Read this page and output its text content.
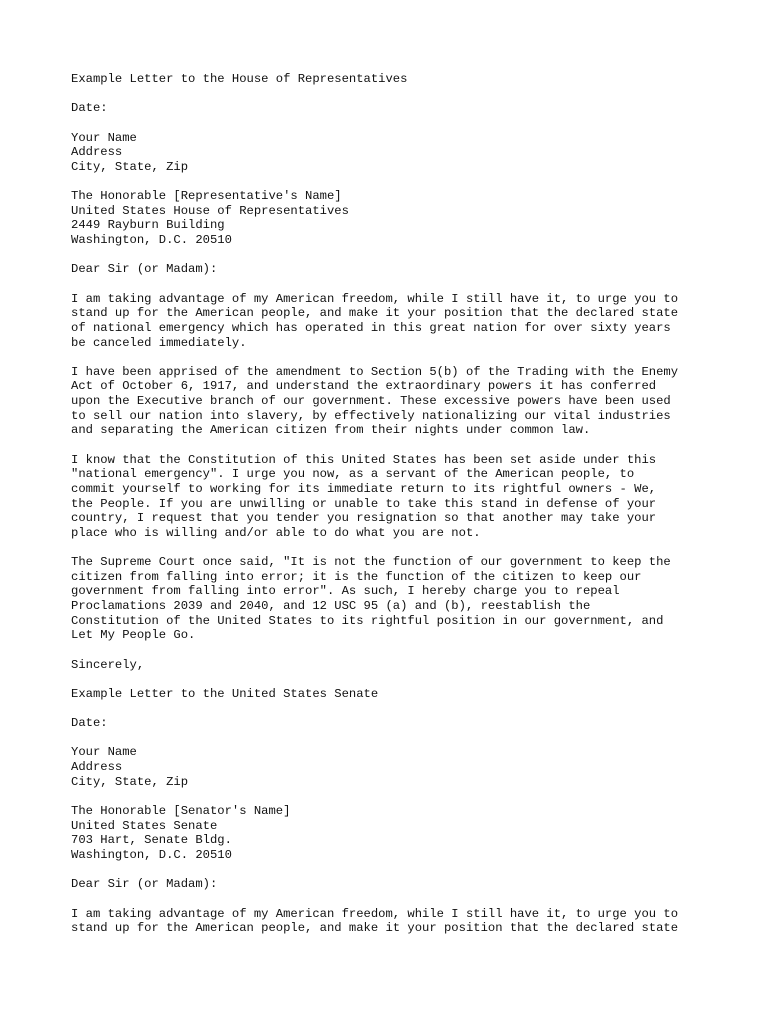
Example Letter to the House of Representatives
Date:
Your Name
Address
City, State, Zip
The Honorable [Representative's Name]
United States House of Representatives
2449 Rayburn Building
Washington, D.C. 20510
Dear Sir (or Madam):
I am taking advantage of my American freedom, while I still have it, to urge you to
stand up for the American people, and make it your position that the declared state
of national emergency which has operated in this great nation for over sixty years
be canceled immediately.
I have been apprised of the amendment to Section 5(b) of the Trading with the Enemy
Act of October 6, 1917, and understand the extraordinary powers it has conferred
upon the Executive branch of our government. These excessive powers have been used
to sell our nation into slavery, by effectively nationalizing our vital industries
and separating the American citizen from their nights under common law.
I know that the Constitution of this United States has been set aside under this
"national emergency". I urge you now, as a servant of the American people, to
commit yourself to working for its immediate return to its rightful owners - We,
the People. If you are unwilling or unable to take this stand in defense of your
country, I request that you tender you resignation so that another may take your
place who is willing and/or able to do what you are not.
The Supreme Court once said, "It is not the function of our government to keep the
citizen from falling into error; it is the function of the citizen to keep our
government from falling into error". As such, I hereby charge you to repeal
Proclamations 2039 and 2040, and 12 USC 95 (a) and (b), reestablish the
Constitution of the United States to its rightful position in our government, and
Let My People Go.
Sincerely,
Example Letter to the United States Senate
Date:
Your Name
Address
City, State, Zip
The Honorable [Senator's Name]
United States Senate
703 Hart, Senate Bldg.
Washington, D.C. 20510
Dear Sir (or Madam):
I am taking advantage of my American freedom, while I still have it, to urge you to
stand up for the American people, and make it your position that the declared state
